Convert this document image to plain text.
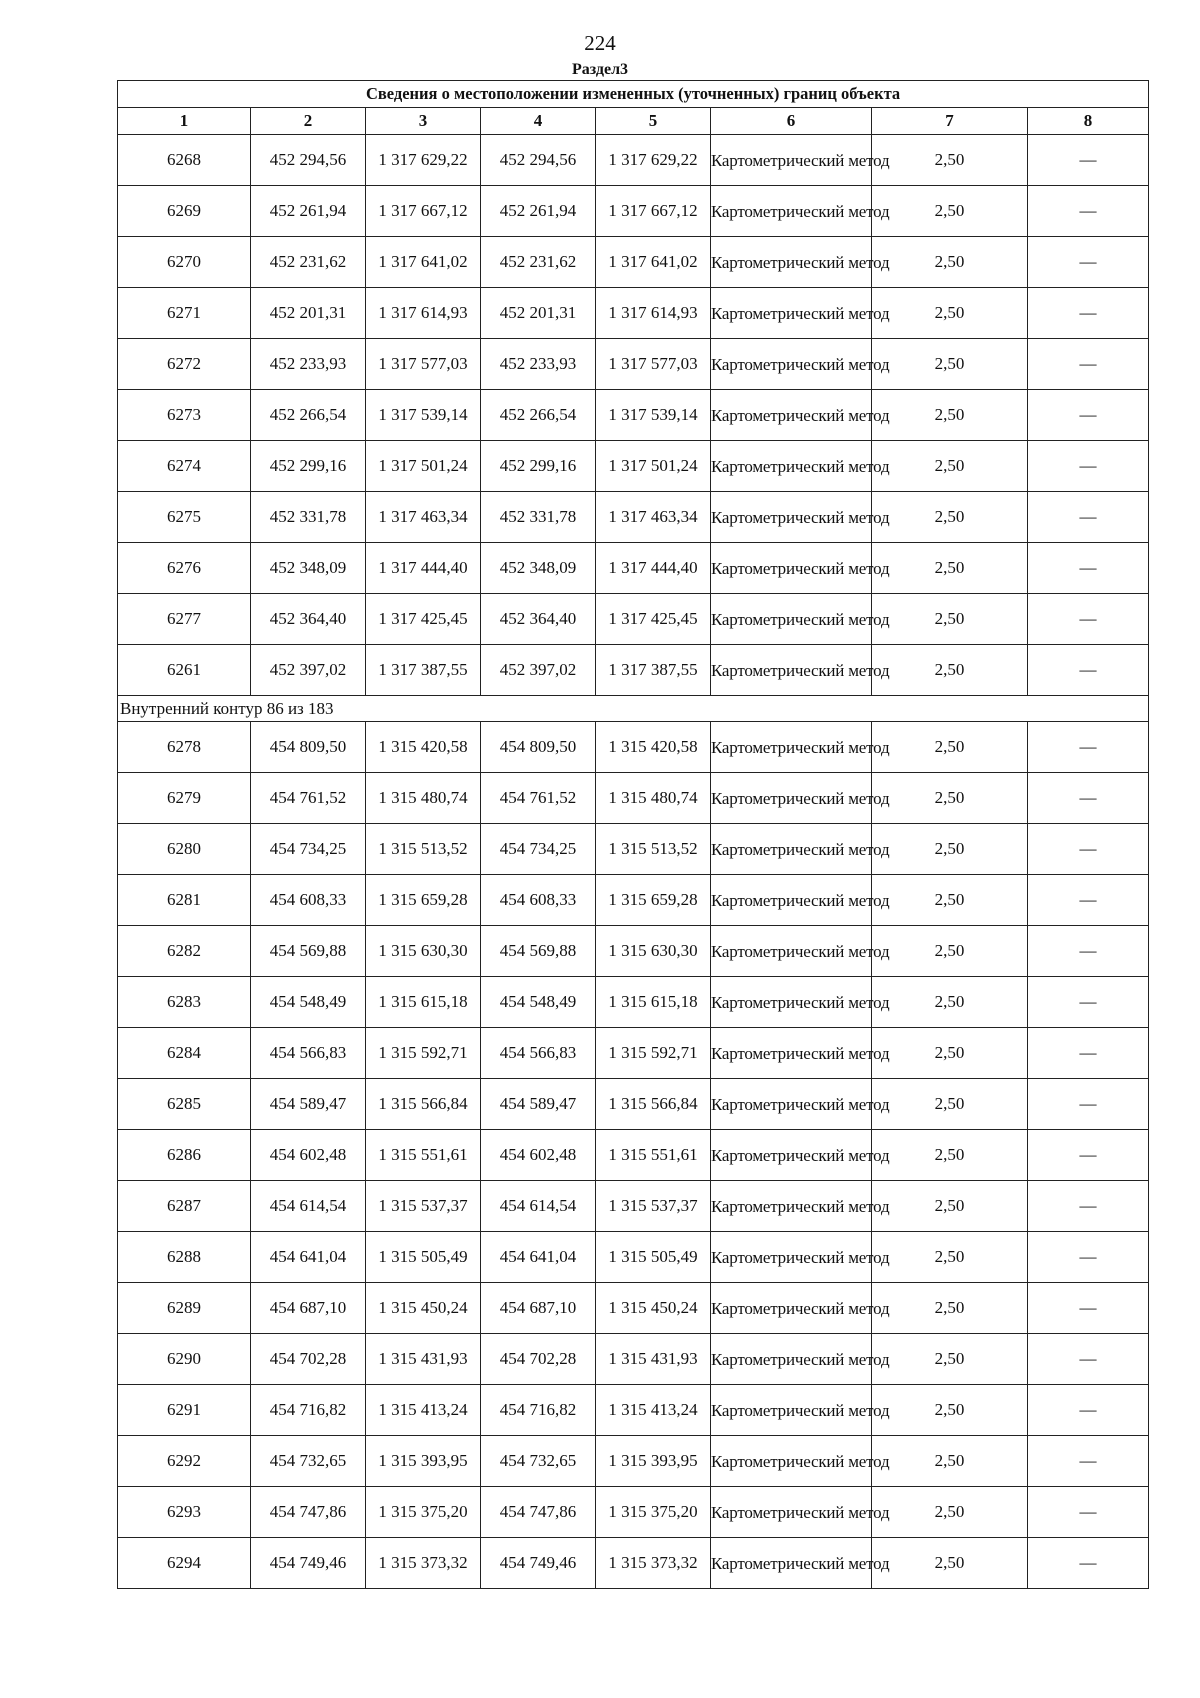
224
Раздел3
Сведения о местоположении измененных (уточненных) границ объекта							
1	2	3	4	5	6	7	8
6268	452 294,56	1 317 629,22	452 294,56	1 317 629,22	Картометрический метод	2,50	—
6269	452 261,94	1 317 667,12	452 261,94	1 317 667,12	Картометрический метод	2,50	—
6270	452 231,62	1 317 641,02	452 231,62	1 317 641,02	Картометрический метод	2,50	—
6271	452 201,31	1 317 614,93	452 201,31	1 317 614,93	Картометрический метод	2,50	—
6272	452 233,93	1 317 577,03	452 233,93	1 317 577,03	Картометрический метод	2,50	—
6273	452 266,54	1 317 539,14	452 266,54	1 317 539,14	Картометрический метод	2,50	—
6274	452 299,16	1 317 501,24	452 299,16	1 317 501,24	Картометрический метод	2,50	—
6275	452 331,78	1 317 463,34	452 331,78	1 317 463,34	Картометрический метод	2,50	—
6276	452 348,09	1 317 444,40	452 348,09	1 317 444,40	Картометрический метод	2,50	—
6277	452 364,40	1 317 425,45	452 364,40	1 317 425,45	Картометрический метод	2,50	—
6261	452 397,02	1 317 387,55	452 397,02	1 317 387,55	Картометрический метод	2,50	—
Внутренний контур 86 из 183							
6278	454 809,50	1 315 420,58	454 809,50	1 315 420,58	Картометрический метод	2,50	—
6279	454 761,52	1 315 480,74	454 761,52	1 315 480,74	Картометрический метод	2,50	—
6280	454 734,25	1 315 513,52	454 734,25	1 315 513,52	Картометрический метод	2,50	—
6281	454 608,33	1 315 659,28	454 608,33	1 315 659,28	Картометрический метод	2,50	—
6282	454 569,88	1 315 630,30	454 569,88	1 315 630,30	Картометрический метод	2,50	—
6283	454 548,49	1 315 615,18	454 548,49	1 315 615,18	Картометрический метод	2,50	—
6284	454 566,83	1 315 592,71	454 566,83	1 315 592,71	Картометрический метод	2,50	—
6285	454 589,47	1 315 566,84	454 589,47	1 315 566,84	Картометрический метод	2,50	—
6286	454 602,48	1 315 551,61	454 602,48	1 315 551,61	Картометрический метод	2,50	—
6287	454 614,54	1 315 537,37	454 614,54	1 315 537,37	Картометрический метод	2,50	—
6288	454 641,04	1 315 505,49	454 641,04	1 315 505,49	Картометрический метод	2,50	—
6289	454 687,10	1 315 450,24	454 687,10	1 315 450,24	Картометрический метод	2,50	—
6290	454 702,28	1 315 431,93	454 702,28	1 315 431,93	Картометрический метод	2,50	—
6291	454 716,82	1 315 413,24	454 716,82	1 315 413,24	Картометрический метод	2,50	—
6292	454 732,65	1 315 393,95	454 732,65	1 315 393,95	Картометрический метод	2,50	—
6293	454 747,86	1 315 375,20	454 747,86	1 315 375,20	Картометрический метод	2,50	—
6294	454 749,46	1 315 373,32	454 749,46	1 315 373,32	Картометрический метод	2,50	—
